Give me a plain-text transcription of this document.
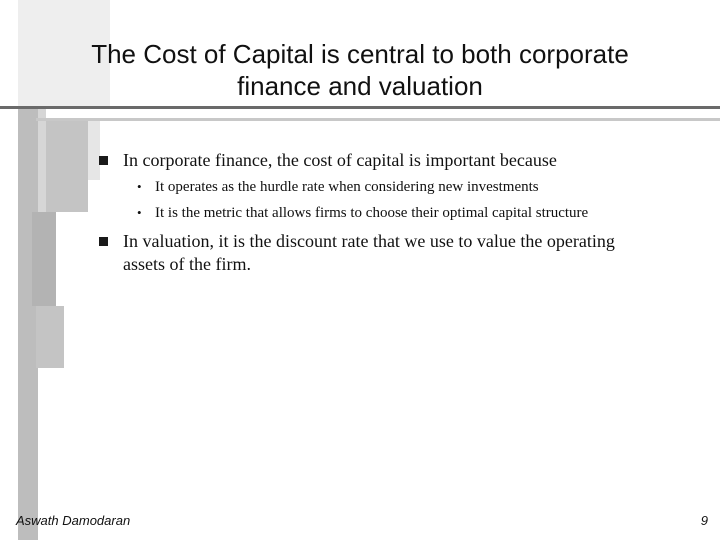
The Cost of Capital is central to both corporate
finance and valuation
In corporate finance, the cost of capital is important because
• It operates as the hurdle rate when considering new investments
• It is the metric that allows firms to choose their optimal capital structure
In valuation, it is the discount rate that we use to value the operating
assets of the firm.
Aswath Damodaran	9
